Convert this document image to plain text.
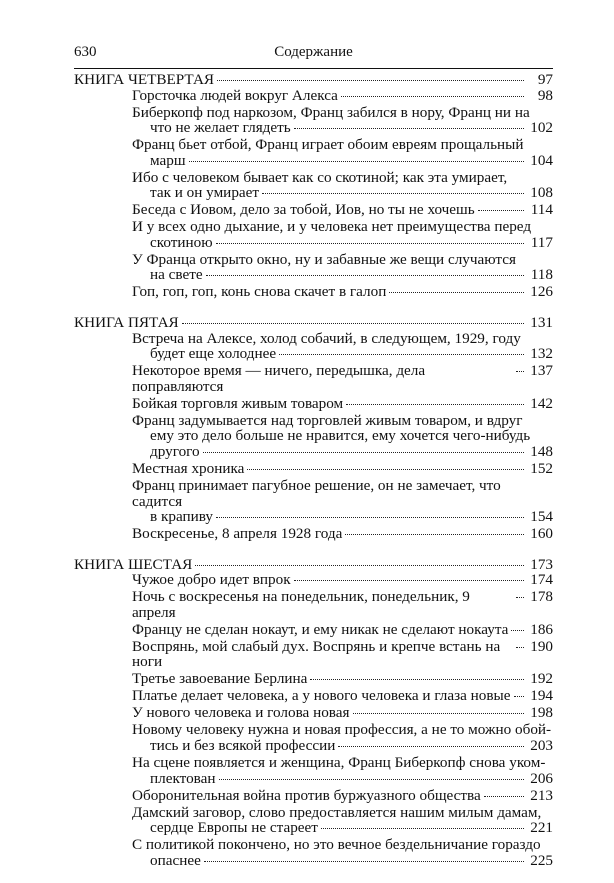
630	Содержание
КНИГА ЧЕТВЕРТАЯ	97
Горсточка людей вокруг Алекса	98
Биберкопф под наркозом, Франц забился в нору, Франц ни на
что не желает глядеть	102
Франц бьет отбой, Франц играет обоим евреям прощальный
марш	104
Ибо с человеком бывает как со скотиной; как эта умирает,
так и он умирает	108
Беседа с Иовом, дело за тобой, Иов, но ты не хочешь	114
И у всех одно дыхание, и у человека нет преимущества перед
скотиною	117
У Франца открыто окно, ну и забавные же вещи случаются
на свете	118
Гоп, гоп, гоп, конь снова скачет в галоп	126
КНИГА ПЯТАЯ	131
Встреча на Алексе, холод собачий, в следующем, 1929, году
будет еще холоднее	132
Некоторое время — ничего, передышка, дела поправляются
137
Бойкая торговля живым товаром	142
Франц задумывается над торговлей живым товаром, и вдруг
ему это дело больше не нравится, ему хочется чего-нибудь
другого	148
Местная хроника	152
Франц принимает пагубное решение, он не замечает, что садится
в крапиву	154
Воскресенье, 8 апреля 1928 года	160
КНИГА ШЕСТАЯ	173
Чужое добро идет впрок	174
Ночь с воскресенья на понедельник, понедельник, 9 апреля
178
Францу не сделан нокаут, и ему никак не сделают нокаута 186
Воспрянь, мой слабый дух. Воспрянь и крепче встань на ноги
190
Третье завоевание Берлина	192
Платье делает человека, а у нового человека и глаза новые 194
У нового человека и голова новая	198
Новому человеку нужна и новая профессия, а не то можно обой-
тись и без всякой профессии	203
На сцене появляется и женщина, Франц Биберкопф снова уком-
плектован	206
Оборонительная война против буржуазного общества	213
Дамский заговор, слово предоставляется нашим милым дамам,
сердце Европы не стареет	221
С политикой покончено, но это вечное бездельничание гораздо
опаснее	225
